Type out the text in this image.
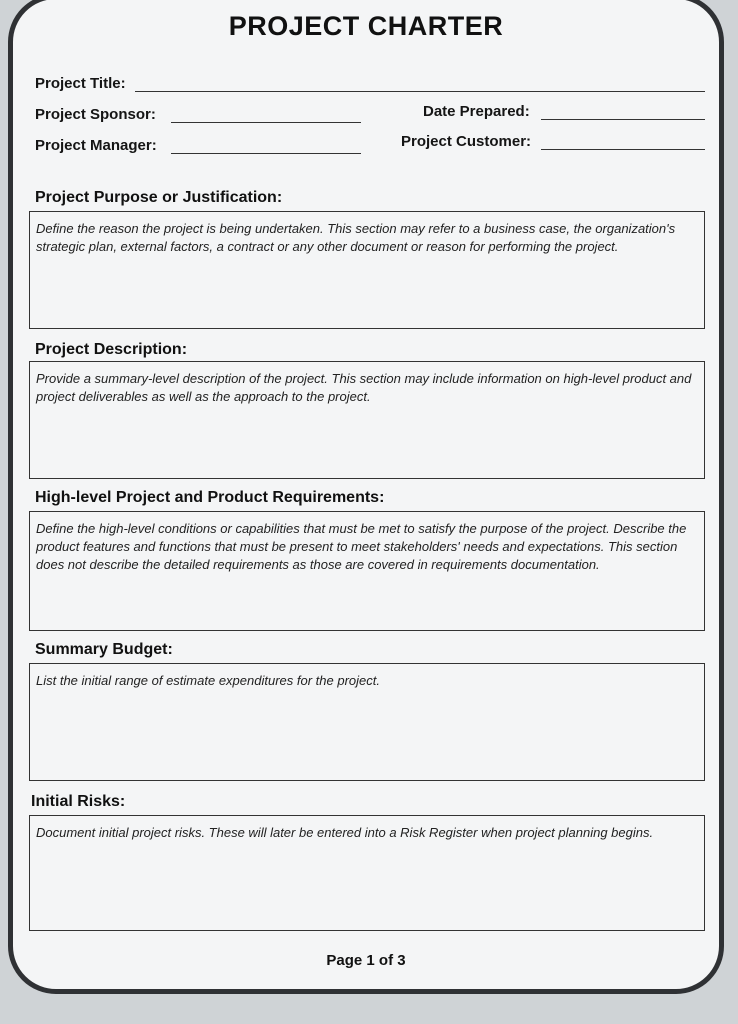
PROJECT CHARTER
Project Title:
Project Sponsor:	Date Prepared:
Project Manager:	Project Customer:
Project Purpose or Justification:
Define the reason the project is being undertaken. This section may refer to a business case, the organization's strategic plan, external factors, a contract or any other document or reason for performing the project.
Project Description:
Provide a summary-level description of the project. This section may include information on high-level product and project deliverables as well as the approach to the project.
High-level Project and Product Requirements:
Define the high-level conditions or capabilities that must be met to satisfy the purpose of the project. Describe the product features and functions that must be present to meet stakeholders' needs and expectations. This section does not describe the detailed requirements as those are covered in requirements documentation.
Summary Budget:
List the initial range of estimate expenditures for the project.
Initial Risks:
Document initial project risks. These will later be entered into a Risk Register when project planning begins.
Page 1 of 3
